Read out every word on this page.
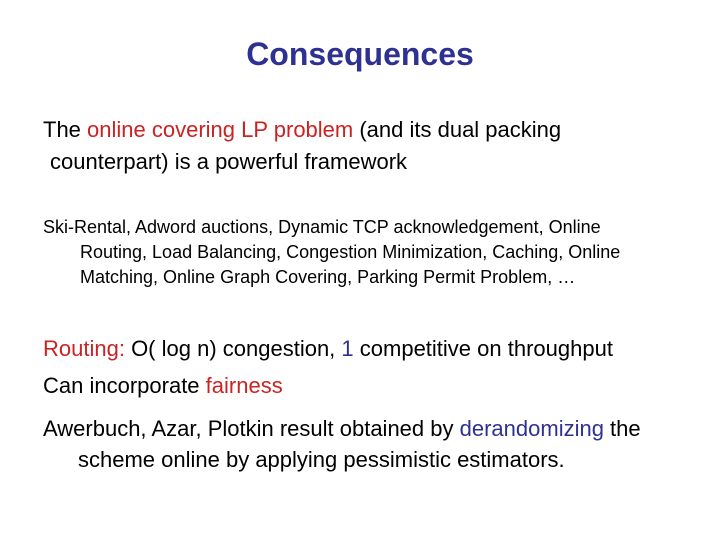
Consequences
The online covering LP problem (and its dual packing
counterpart) is a powerful framework
Ski-Rental, Adword auctions, Dynamic TCP acknowledgement, Online
Routing, Load Balancing, Congestion Minimization, Caching, Online
Matching, Online Graph Covering, Parking Permit Problem, …
Routing: O( log n) congestion, 1 competitive on throughput
Can incorporate fairness
Awerbuch, Azar, Plotkin result obtained by derandomizing the
scheme online by applying pessimistic estimators.
